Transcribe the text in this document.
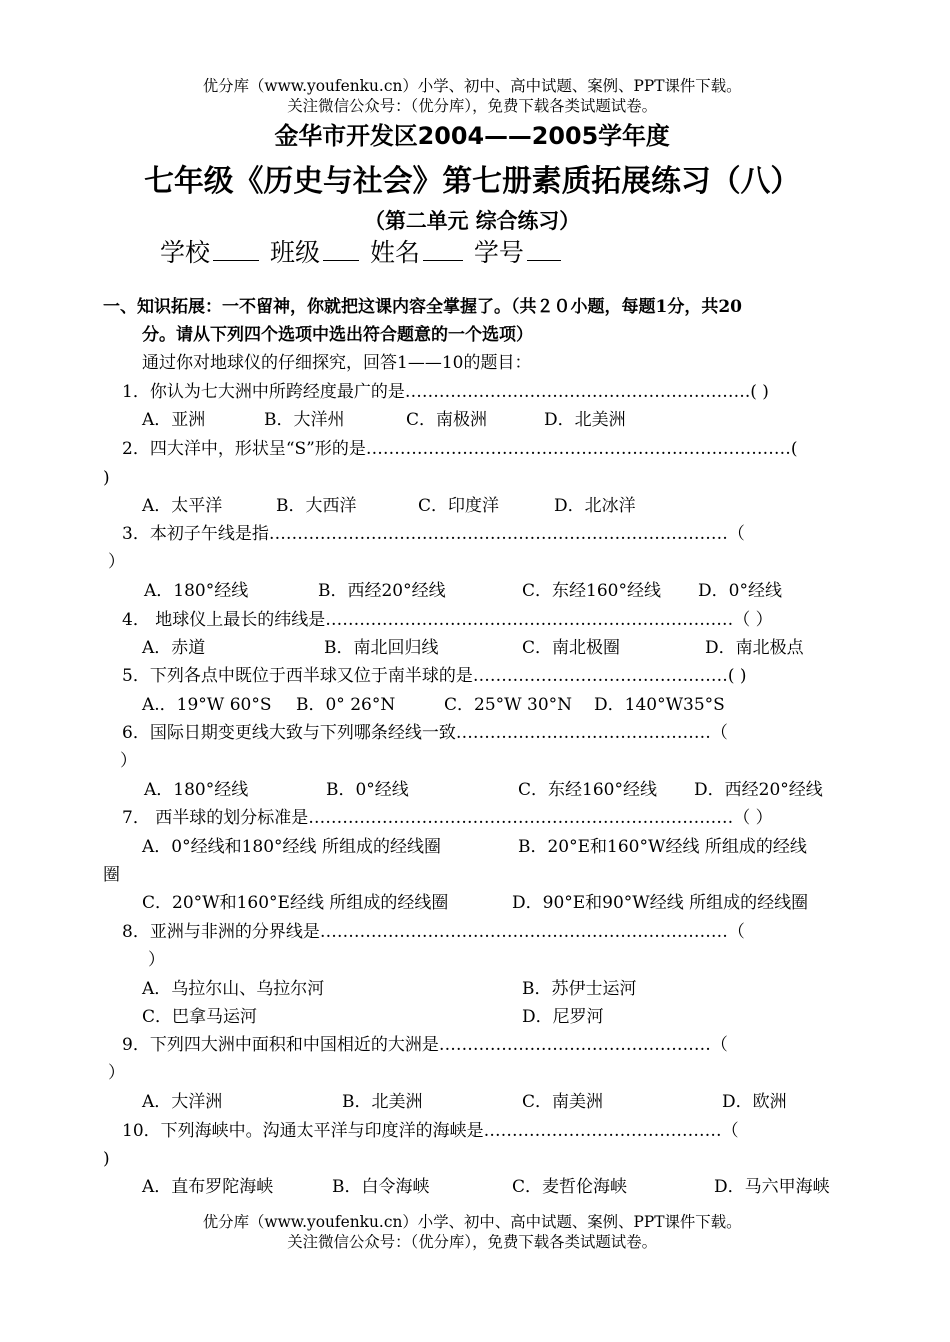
优分库（www.youfenku.cn）小学、初中、高中试题、案例、PPT课件下载。
关注微信公众号：（优分库），免费下载各类试题试卷。
金华市开发区2004——2005学年度
七年级《历史与社会》第七册素质拓展练习（八）
（第二单元 综合练习）
学校 班级 姓名 学号
一、知识拓展：一不留神，你就把这课内容全掌握了。（共２０小题，每题1分，共20
分。请从下列四个选项中选出符合题意的一个选项）
通过你对地球仪的仔细探究，回答1——10的题目：
1．你认为七大洲中所跨经度最广的是…………………………………………………….( )
A．亚洲	B．大洋州	C．南极洲	D．北美洲
2．四大洋中，形状呈“S”形的是…………………………………………………………………(
)
A．太平洋	B．大西洋	C．印度洋	D．北冰洋
3．本初子午线是指………………………………………………………………………（
）
A．180°经线	B．西经20°经线	C．东经160°经线 D．0°经线
4． 地球仪上最长的纬线是………………………………………………………………（ ）
A．赤道	B．南北回归线	C．南北极圈	D．南北极点
5．下列各点中既位于西半球又位于南半球的是………………………………………( )
A.．19°W 60°S B．0° 26°N	C．25°W 30°N D．140°W35°S
6．国际日期变更线大致与下列哪条经线一致………………………………………（
）
A．180°经线	B．0°经线	C．东经160°经线 D．西经20°经线
7． 西半球的划分标准是…………………………………………………………………（ ）
A．0°经线和180°经线 所组成的经线圈	B．20°E和160°W经线 所组成的经线
圈
C．20°W和160°E经线 所组成的经线圈	D．90°E和90°W经线 所组成的经线圈
8．亚洲与非洲的分界线是………………………………………………………………（
）
A．乌拉尔山、乌拉尔河	B．苏伊士运河
C．巴拿马运河	D．尼罗河
9．下列四大洲中面积和中国相近的大洲是…………………………………………（
）
A．大洋洲	B．北美洲	C．南美洲	D．欧洲
10．下列海峡中。沟通太平洋与印度洋的海峡是……………………………………（
)
A．直布罗陀海峡	B．白令海峡	C．麦哲伦海峡	D．马六甲海峡
优分库（www.youfenku.cn）小学、初中、高中试题、案例、PPT课件下载。
关注微信公众号：（优分库），免费下载各类试题试卷。
